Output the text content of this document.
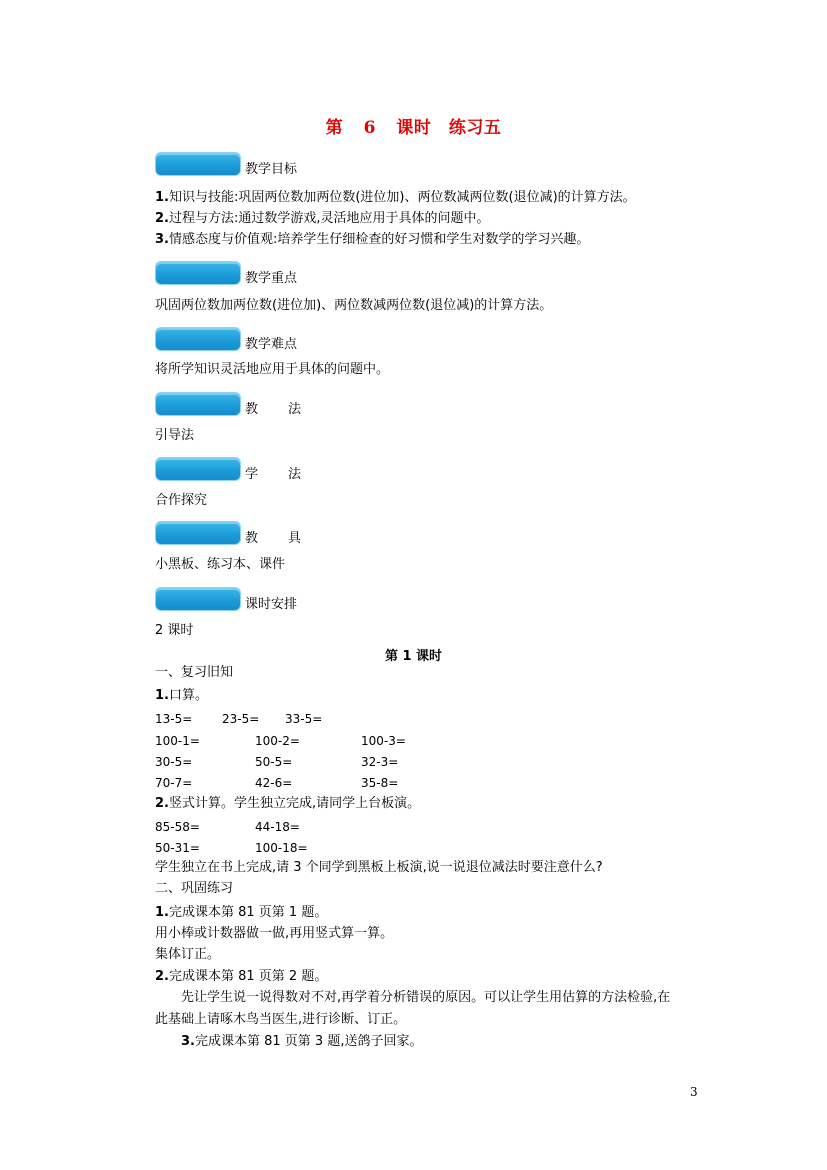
第 6 课时　练习五
教学目标
1.知识与技能:巩固两位数加两位数(进位加)、两位数减两位数(退位减)的计算方法。
2.过程与方法:通过数学游戏,灵活地应用于具体的问题中。
3.情感态度与价值观:培养学生仔细检查的好习惯和学生对数学的学习兴趣。
教学重点
巩固两位数加两位数(进位加)、两位数减两位数(退位减)的计算方法。
教学难点
将所学知识灵活地应用于具体的问题中。
教法
引导法
学法
合作探究
教具
小黑板、练习本、课件
课时安排
2 课时
第 1 课时
一、复习旧知
1.口算。
13-5= 23-5= 33-5=
100-1=	100-2=	100-3=
30-5=	50-5=	32-3=
70-7=	42-6=	35-8=
2.竖式计算。学生独立完成,请同学上台板演。
85-58=	44-18=
50-31=	100-18=
学生独立在书上完成,请 3 个同学到黑板上板演,说一说退位减法时要注意什么?
二、巩固练习
1.完成课本第 81 页第 1 题。
用小棒或计数器做一做,再用竖式算一算。
集体订正。
2.完成课本第 81 页第 2 题。
先让学生说一说得数对不对,再学着分析错误的原因。可以让学生用估算的方法检验,在
此基础上请啄木鸟当医生,进行诊断、订正。
3.完成课本第 81 页第 3 题,送鸽子回家。
3
